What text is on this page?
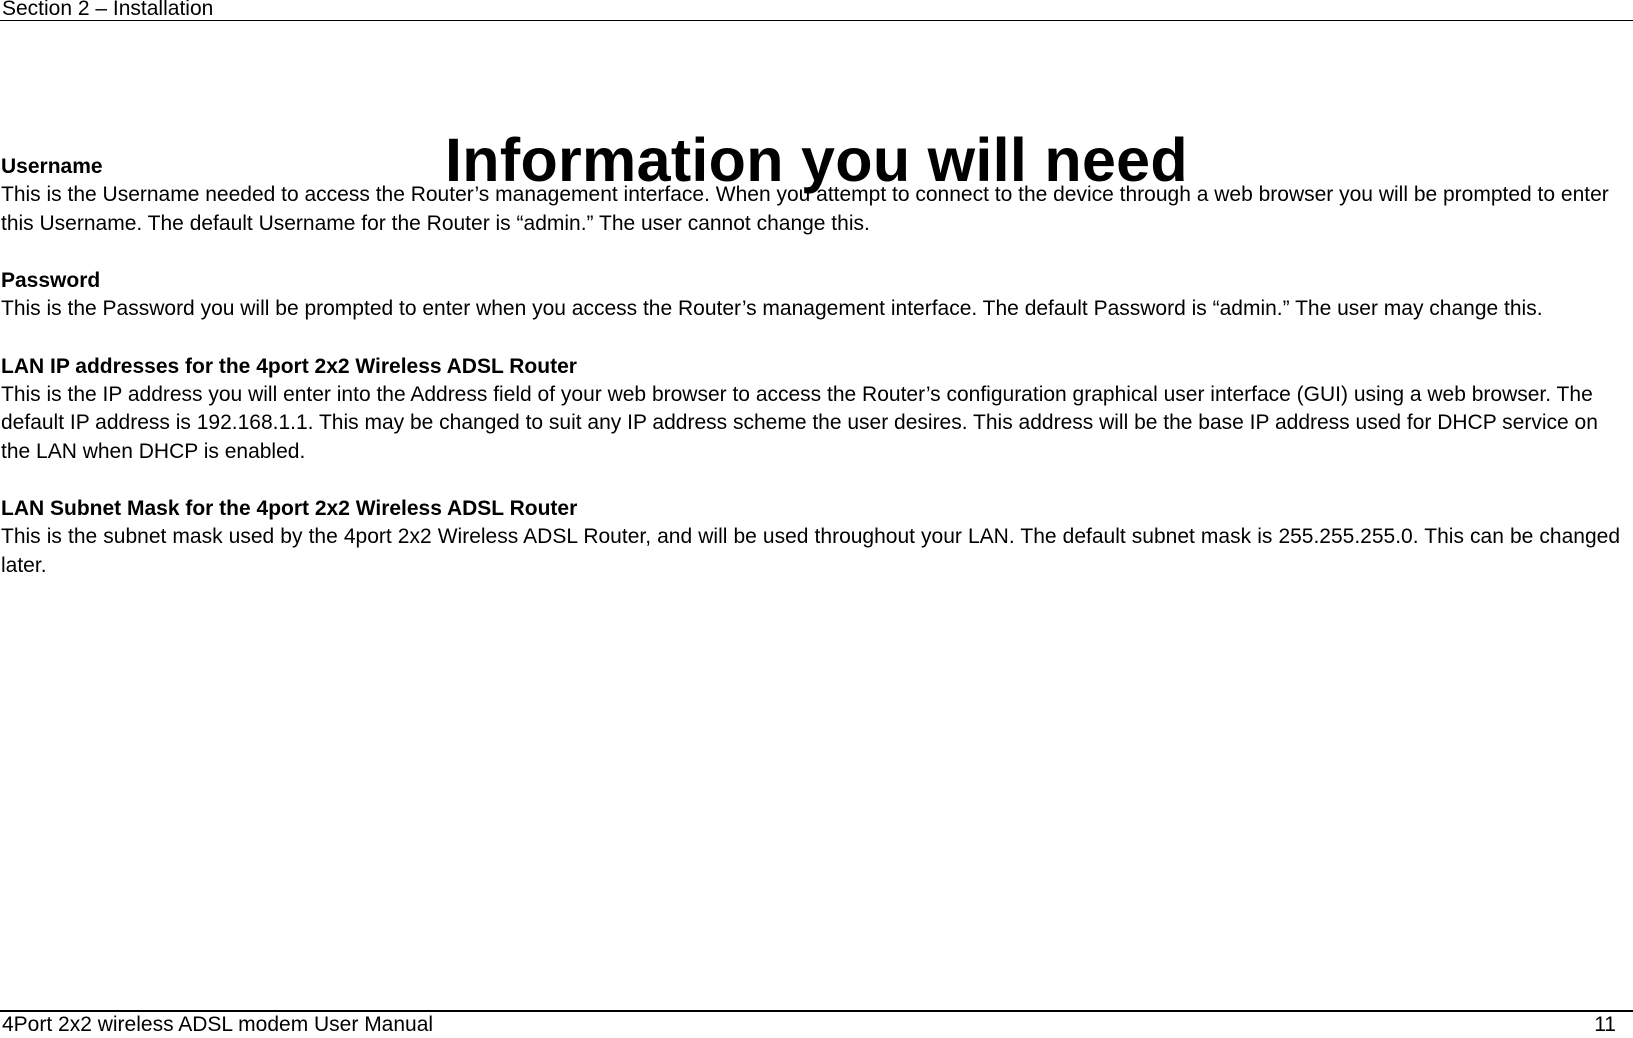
Section 2 – Installation
Information you will need
Username

This is the Username needed to access the Router’s management interface. When you attempt to connect to the device through a web browser you will be prompted to enter this Username. The default Username for the Router is “admin.” The user cannot change this.

Password

This is the Password you will be prompted to enter when you access the Router’s management interface. The default Password is “admin.” The user may change this.

LAN IP addresses for the 4port 2x2 Wireless ADSL Router

This is the IP address you will enter into the Address field of your web browser to access the Router’s configuration graphical user interface (GUI) using a web browser. The default IP address is 192.168.1.1. This may be changed to suit any IP address scheme the user desires. This address will be the base IP address used for DHCP service on the LAN when DHCP is enabled.

LAN Subnet Mask for the 4port 2x2 Wireless ADSL Router

This is the subnet mask used by the 4port 2x2 Wireless ADSL Router, and will be used throughout your LAN. The default subnet mask is 255.255.255.0. This can be changed later.

4Port 2x2 wireless ADSL modem User Manual	11
